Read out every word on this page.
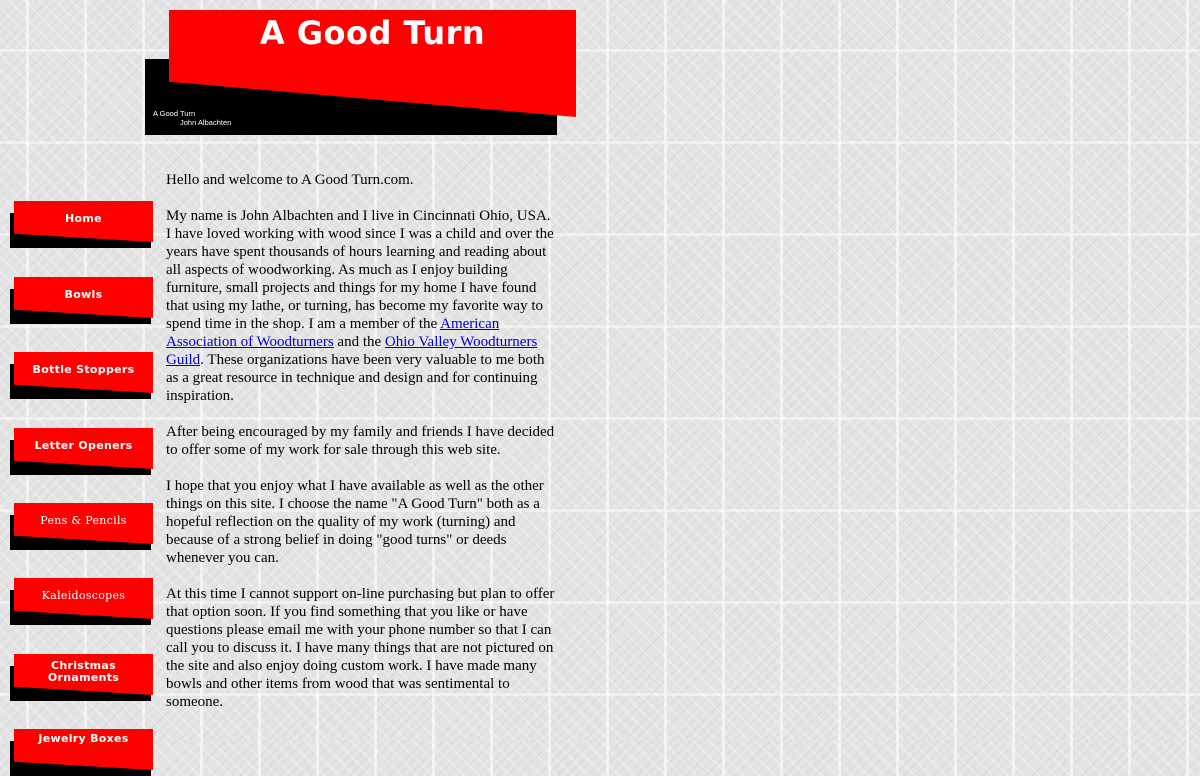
A Good Turn
A Good Turn
John Albachten
Home
Bowls
Bottle Stoppers
Letter Openers
Pens & Pencils
Kaleidoscopes
Christmas Ornaments
Jewelry Boxes

Hello and welcome to A Good Turn.com.

My name is John Albachten and I live in Cincinnati Ohio, USA. I have loved working with wood since I was a child and over the years have spent thousands of hours learning and reading about all aspects of woodworking. As much as I enjoy building furniture, small projects and things for my home I have found that using my lathe, or turning, has become my favorite way to spend time in the shop. I am a member of the American Association of Woodturners and the Ohio Valley Woodturners Guild. These organizations have been very valuable to me both as a great resource in technique and design and for continuing inspiration.

After being encouraged by my family and friends I have decided to offer some of my work for sale through this web site.

I hope that you enjoy what I have available as well as the other things on this site. I choose the name "A Good Turn" both as a hopeful reflection on the quality of my work (turning) and because of a strong belief in doing "good turns" or deeds whenever you can.

At this time I cannot support on-line purchasing but plan to offer that option soon. If you find something that you like or have questions please email me with your phone number so that I can call you to discuss it. I have many things that are not pictured on the site and also enjoy doing custom work. I have made many bowls and other items from wood that was sentimental to someone.
